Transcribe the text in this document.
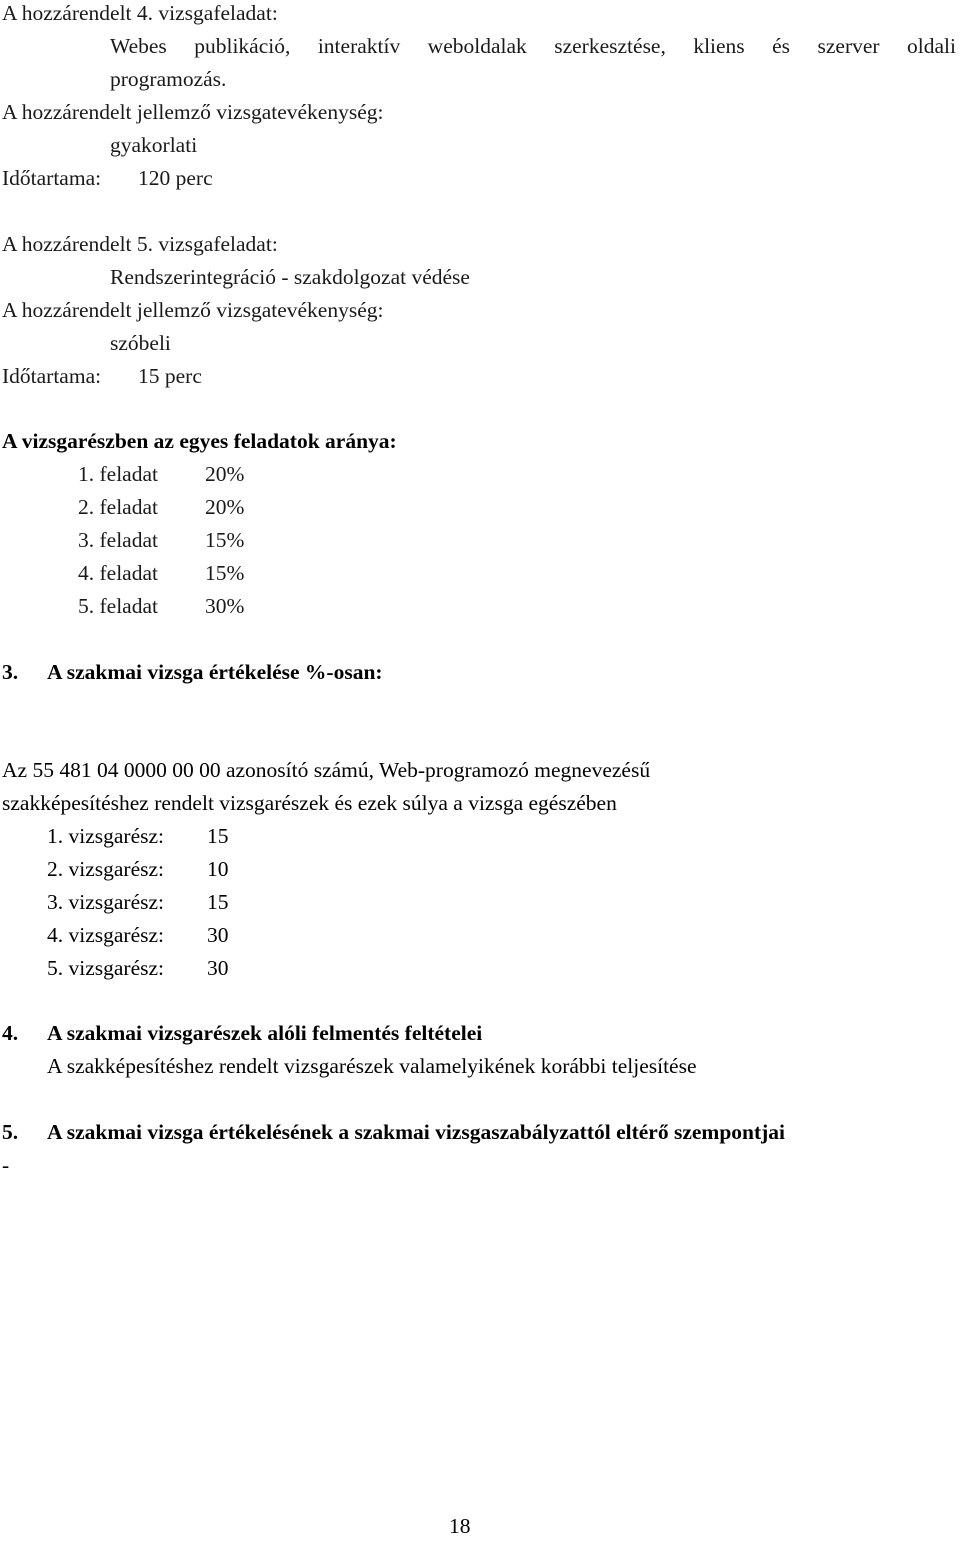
A hozzárendelt 4. vizsgafeladat:
Webes publikáció, interaktív weboldalak szerkesztése, kliens és szerver oldali
programozás.
A hozzárendelt jellemző vizsgatevékenység:
gyakorlati
Időtartama: 120 perc
A hozzárendelt 5. vizsgafeladat:
Rendszerintegráció - szakdolgozat védése
A hozzárendelt jellemző vizsgatevékenység:
szóbeli
Időtartama: 15 perc
A vizsgarészben az egyes feladatok aránya:
1. feladat 20%
2. feladat 20%
3. feladat 15%
4. feladat 15%
5. feladat 30%
3. A szakmai vizsga értékelése %-osan:
Az 55 481 04 0000 00 00 azonosító számú, Web-programozó megnevezésű
szakképesítéshez rendelt vizsgarészek és ezek súlya a vizsga egészében
1. vizsgarész: 15
2. vizsgarész: 10
3. vizsgarész: 15
4. vizsgarész: 30
5. vizsgarész: 30
4. A szakmai vizsgarészek alóli felmentés feltételei
A szakképesítéshez rendelt vizsgarészek valamelyikének korábbi teljesítése
5. A szakmai vizsga értékelésének a szakmai vizsgaszabályzattól eltérő szempontjai
-
18
